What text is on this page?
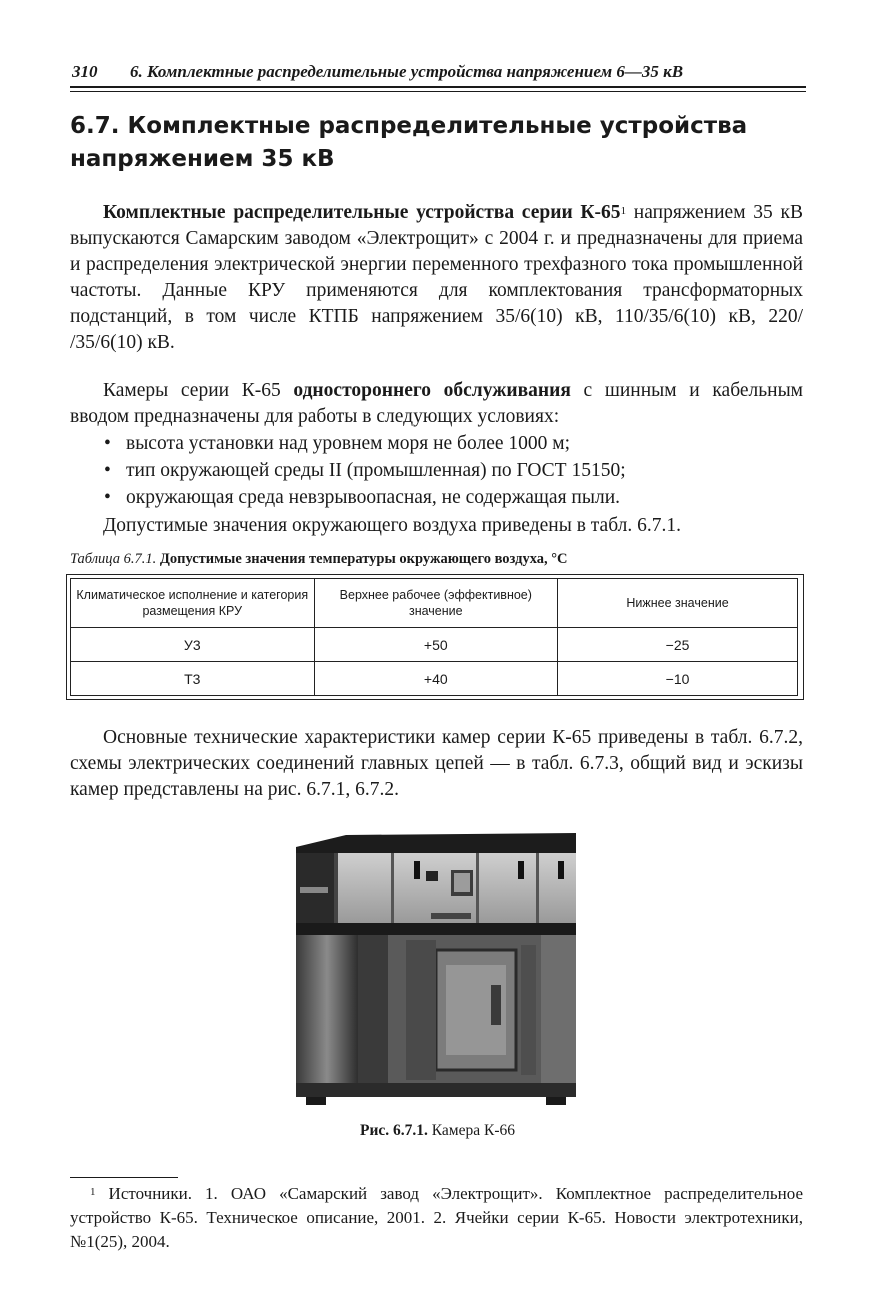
310 6. Комплектные распределительные устройства напряжением 6—35 кВ
6.7. Комплектные распределительные устройства
напряжением 35 кВ

Комплектные распределительные устройства серии $К-65^1$ напряжением 35 кВ выпускаются Самарским заводом «Электрощит» с 2004 г. и предназначены для приема и распределения электрической энергии переменного трехфазного тока промышленной частоты. Данные КРУ применяются для комплектования трансформаторных подстанций, в том числе КТПБ напряжением 35/6(10) кВ, 110/35/6(10) кВ, 220/ /35/6(10) кВ.

Камеры серии К-65 одностороннего обслуживания с шинным и кабельным вводом предназначены для работы в следующих условиях:

• высота установки над уровнем моря не более 1000 м;
• тип окружающей среды II (промышленная) по ГОСТ 15150;
• окружающая среда невзрывоопасная, не содержащая пыли.

Допустимые значения окружающего воздуха приведены в табл. 6.7.1.

Таблица 6.7.1. Допустимые значения температуры окружающего воздуха, °С
Климатическое исполнение и категория размещения КРУ	Верхнее рабочее (эффективное) значение	Нижнее значение
У3	+50	−25
Т3	+40	−10

Основные технические характеристики камер серии К-65 приведены в табл. 6.7.2, схемы электрических соединений главных цепей — в табл. 6.7.3, общий вид и эскизы камер представлены на рис. 6.7.1, 6.7.2.

Рис. 6.7.1. Камера К-66

$^1$ Источники. 1. ОАО «Самарский завод «Электрощит». Комплектное распределительное устройство К-65. Техническое описание, 2001. 2. Ячейки серии К-65. Новости электротехники, №1(25), 2004.
